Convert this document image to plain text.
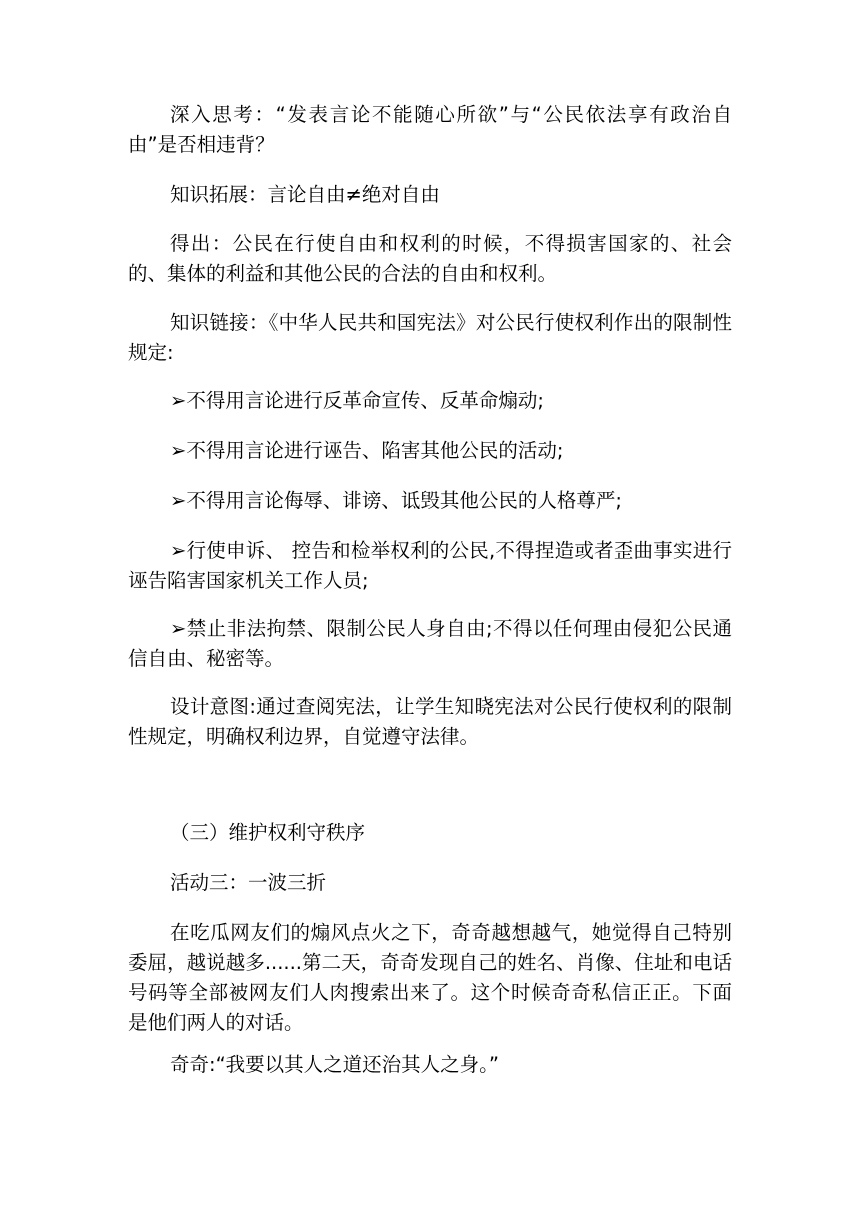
深入思考：“发表言论不能随心所欲”与“公民依法享有政治自由”是否相违背？

知识拓展：言论自由≠绝对自由

得出：公民在行使自由和权利的时候，不得损害国家的、社会的、集体的利益和其他公民的合法的自由和权利。

知识链接：《中华人民共和国宪法》对公民行使权利作出的限制性规定:

➢不得用言论进行反革命宣传、反革命煽动;

➢不得用言论进行诬告、陷害其他公民的活动;

➢不得用言论侮辱、诽谤、诋毁其他公民的人格尊严;

➢行使申诉、 控告和检举权利的公民,不得捏造或者歪曲事实进行诬告陷害国家机关工作人员;

➢禁止非法拘禁、限制公民人身自由;不得以任何理由侵犯公民通信自由、秘密等。

设计意图:通过查阅宪法，让学生知晓宪法对公民行使权利的限制性规定，明确权利边界，自觉遵守法律。

（三）维护权利守秩序

活动三：一波三折

在吃瓜网友们的煽风点火之下，奇奇越想越气，她觉得自己特别委屈，越说越多......第二天，奇奇发现自己的姓名、肖像、住址和电话号码等全部被网友们人肉搜索出来了。这个时候奇奇私信正正。下面是他们两人的对话。

奇奇:“我要以其人之道还治其人之身。”
